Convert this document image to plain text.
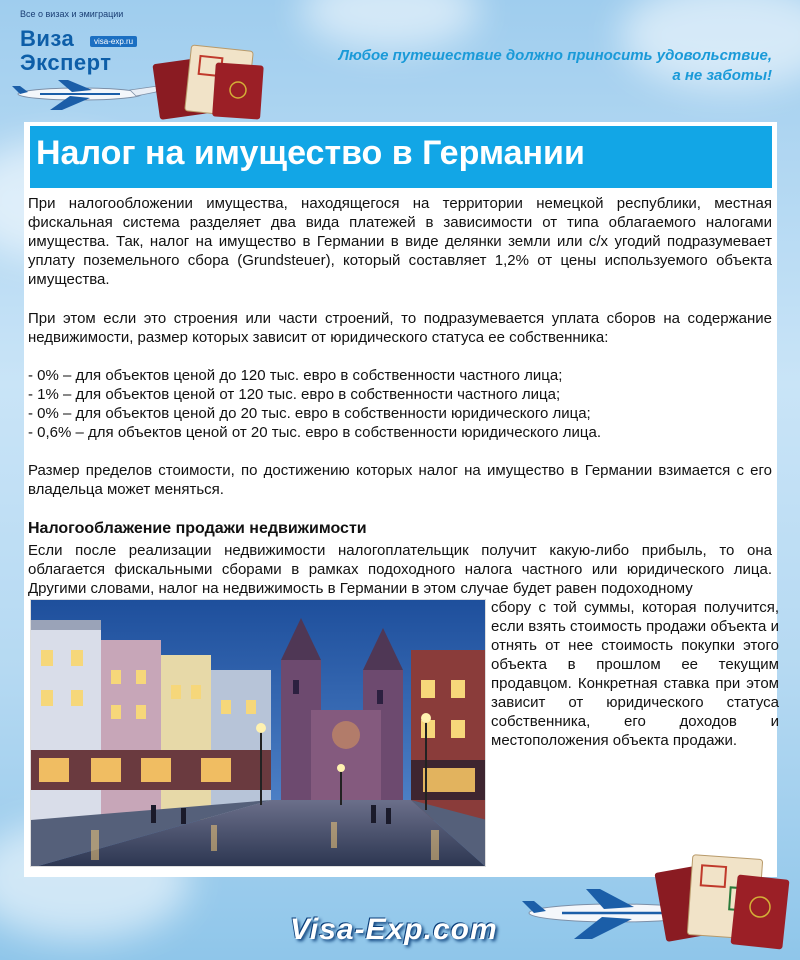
Все о визах и эмиграции
Виза
Эксперт
visa-exp.ru
Любое путешествие должно приносить удовольствие,
а не заботы!
Налог на имущество в Германии
При налогообложении имущества, находящегося на территории немецкой республики, местная фискальная система разделяет два вида платежей в зависимости от типа облагаемого налогами имущества. Так, налог на имущество в Германии в виде делянки земли или с/х угодий подразумевает уплату поземельного сбора (Grundsteuer), который составляет 1,2% от цены используемого объекта имущества.
При этом если это строения или части строений, то подразумевается уплата сборов на содержание недвижимости, размер которых зависит от юридического статуса ее собственника:
- 0% – для объектов ценой до 120 тыс. евро в собственности частного лица;
- 1% – для объектов ценой от 120 тыс. евро в собственности частного лица;
- 0% – для объектов ценой до 20 тыс. евро в собственности юридического лица;
- 0,6% – для объектов ценой от 20 тыс. евро в собственности юридического лица.
Размер пределов стоимости, по достижению которых налог на имущество в Германии взимается с его владельца может меняться.
Налогооблажение продажи недвижимости
Если после реализации недвижимости налогоплательщик получит какую-либо прибыль, то она облагается фискальными сборами в рамках подоходного налога частного или юридического лица. Другими словами, налог на недвижимость в Германии в этом случае будет равен подоходному
сбору с той суммы, которая получится, если взять стоимость продажи объекта и отнять от нее стоимость покупки этого объекта в прошлом ее текущим продавцом. Конкретная ставка при этом зависит от юридического статуса собственника, его доходов и местоположения объекта продажи.
Visa-Exp.com
